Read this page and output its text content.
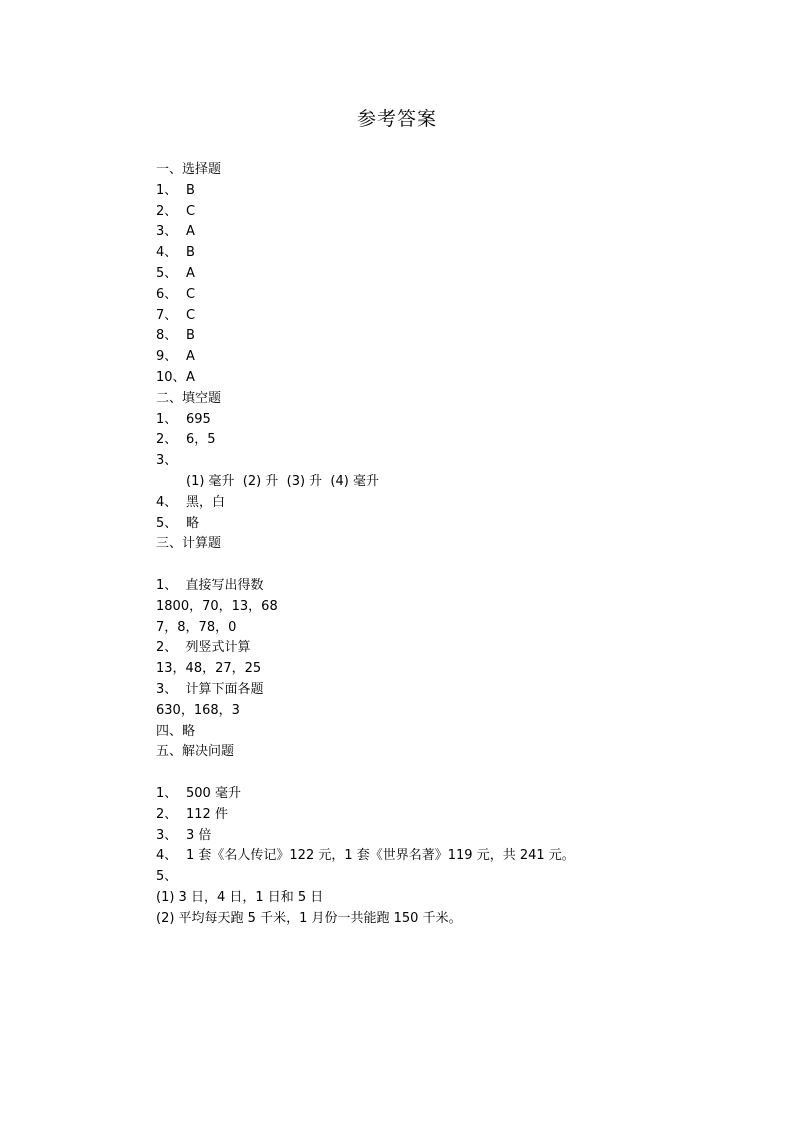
参考答案
一、选择题
1、 B
2、 C
3、 A
4、 B
5、 A
6、 C
7、 C
8、 B
9、 A
10、A
二、填空题
1、 695
2、 6，5
3、
(1) 毫升  (2) 升  (3) 升  (4) 毫升
4、 黑，白
5、 略
三、计算题
1、  直接写出得数
1800，70，13，68
7，8，78，0
2、  列竖式计算
13，48，27，25
3、  计算下面各题
630，168，3
四、略
五、解决问题
1、 500 毫升
2、 112 件
3、 3 倍
4、 1 套《名人传记》122 元，1 套《世界名著》119 元，共 241 元。
5、
(1) 3 日，4 日，1 日和 5 日
(2) 平均每天跑 5 千米，1 月份一共能跑 150 千米。
